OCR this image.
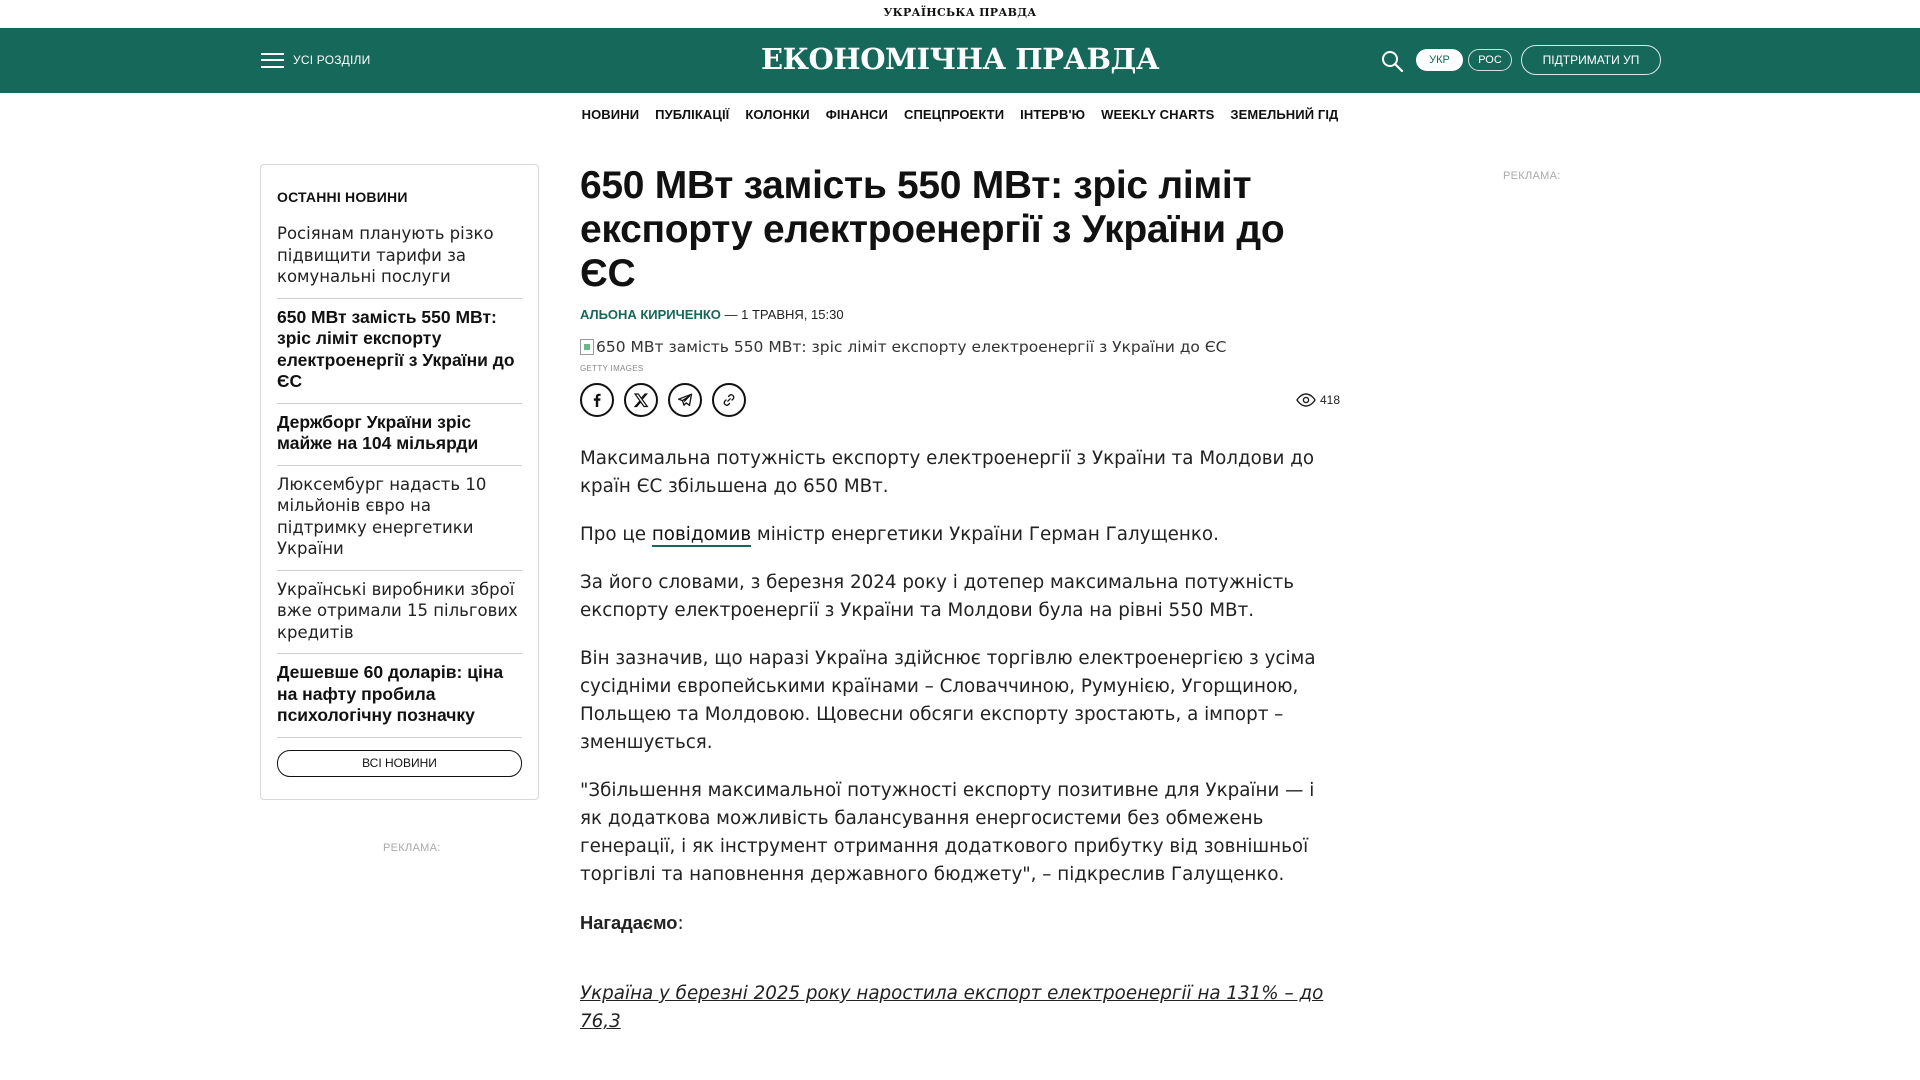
УКРАЇНСЬКА ПРАВДА
УСІ РОЗДІЛИ	ЕКОНОМІЧНА ПРАВДА	УКР	РОС	ПІДТРИМАТИ УП
НОВИНИ ПУБЛІКАЦІЇ КОЛОНКИ ФІНАНСИ СПЕЦПРОЕКТИ ІНТЕРВ'Ю WEEKLY CHARTS ЗЕМЕЛЬНИЙ ГІД
ОСТАННІ НОВИНИ
Росіянам планують різко підвищити тарифи за комунальні послуги
650 МВт замість 550 МВт: зріс ліміт експорту електроенергії з України до ЄС
Держборг України зріс майже на 104 мільярди
Люксембург надасть 10 мільйонів євро на підтримку енергетики України
Українські виробники зброї вже отримали 15 пільгових кредитів
Дешевше 60 доларів: ціна на нафту пробила психологічну позначку
ВСІ НОВИНИ
РЕКЛАМА:
РЕКЛАМА:
650 МВт замість 550 МВт: зріс ліміт експорту електроенергії з України до ЄС
АЛЬОНА КИРИЧЕНКО — 1 ТРАВНЯ, 15:30
650 МВт замість 550 МВт: зріс ліміт експорту електроенергії з України до ЄС
GETTY IMAGES
418

Максимальна потужність експорту електроенергії з України та Молдови до країн ЄС збільшена до 650 МВт.

Про це повідомив міністр енергетики України Герман Галущенко.

За його словами, з березня 2024 року і дотепер максимальна потужність експорту електроенергії з України та Молдови була на рівні 550 МВт.

Він зазначив, що наразі Україна здійснює торгівлю електроенергією з усіма сусідніми європейськими країнами – Словаччиною, Румунією, Угорщиною, Польщею та Молдовою. Щовесни обсяги експорту зростають, а імпорт – зменшується.

"Збільшення максимальної потужності експорту позитивне для України — і як додаткова можливість балансування енергосистеми без обмежень генерації, і як інструмент отримання додаткового прибутку від зовнішньої торгівлі та наповнення державного бюджету", – підкреслив Галущенко.

Нагадаємо:

Україна у березні 2025 року наростила експорт електроенергії на 131% – до 76,3
